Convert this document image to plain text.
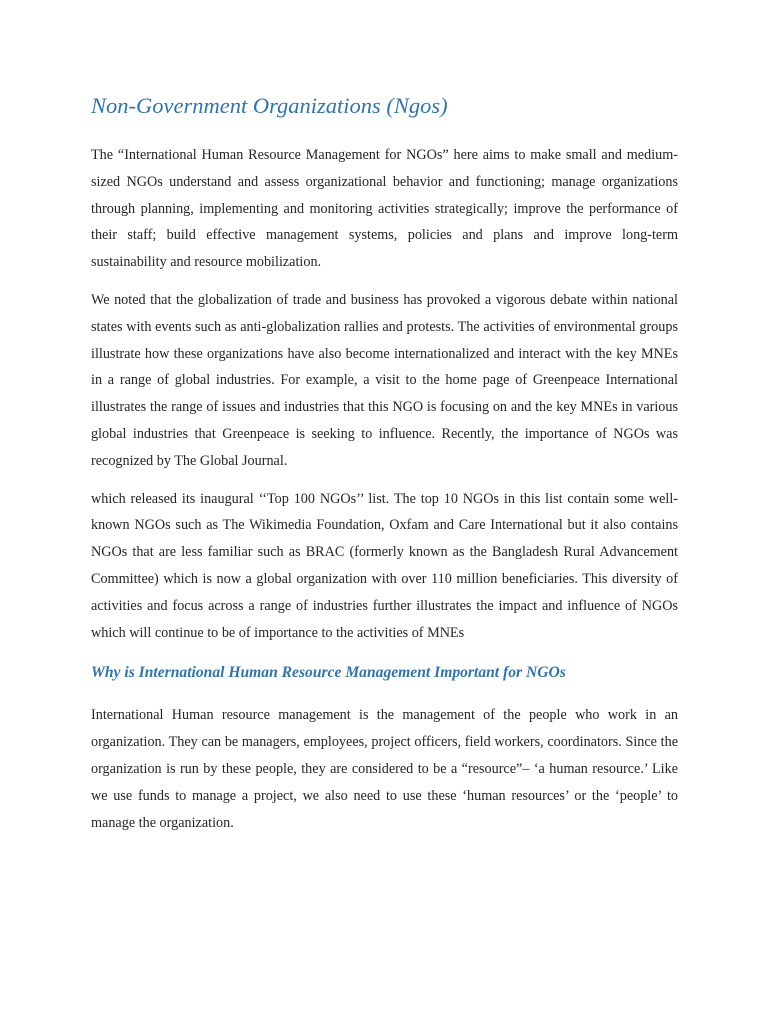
Non-Government Organizations (Ngos)

The “International Human Resource Management for NGOs” here aims to make small and medium-sized NGOs understand and assess organizational behavior and functioning; manage organizations through planning, implementing and monitoring activities strategically; improve the performance of their staff; build effective management systems, policies and plans and improve long-term sustainability and resource mobilization.

We noted that the globalization of trade and business has provoked a vigorous debate within national states with events such as anti-globalization rallies and protests. The activities of environmental groups illustrate how these organizations have also become internationalized and interact with the key MNEs in a range of global industries. For example, a visit to the home page of Greenpeace International illustrates the range of issues and industries that this NGO is focusing on and the key MNEs in various global industries that Greenpeace is seeking to influence. Recently, the importance of NGOs was recognized by The Global Journal.

which released its inaugural ‘‘Top 100 NGOs’’ list. The top 10 NGOs in this list contain some well-known NGOs such as The Wikimedia Foundation, Oxfam and Care International but it also contains NGOs that are less familiar such as BRAC (formerly known as the Bangladesh Rural Advancement Committee) which is now a global organization with over 110 million beneficiaries. This diversity of activities and focus across a range of industries further illustrates the impact and influence of NGOs which will continue to be of importance to the activities of MNEs

Why is International Human Resource Management Important for NGOs

International Human resource management is the management of the people who work in an organization. They can be managers, employees, project officers, field workers, coordinators. Since the organization is run by these people, they are considered to be a “resource”– ‘a human resource.’ Like we use funds to manage a project, we also need to use these ‘human resources’ or the ‘people’ to manage the organization.
